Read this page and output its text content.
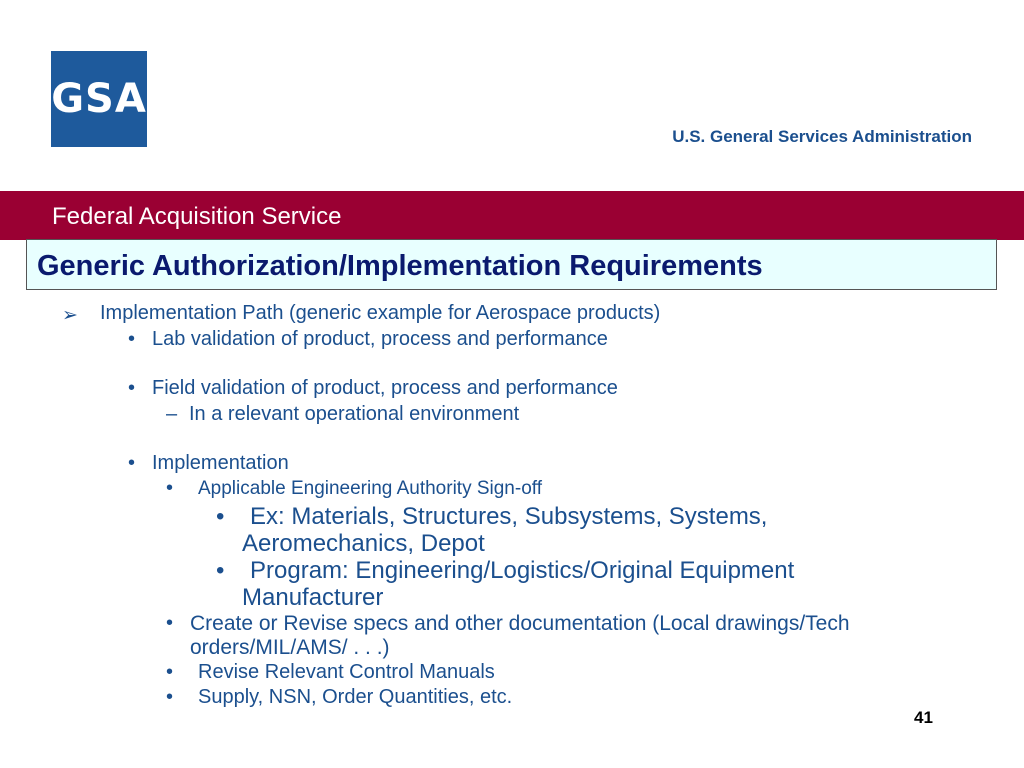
GSA
U.S. General Services Administration
Federal Acquisition Service
Generic Authorization/Implementation Requirements
➢ Implementation Path (generic example for Aerospace products)
• Lab validation of product, process and performance
• Field validation of product, process and performance
– In a relevant operational environment
• Implementation
• Applicable Engineering Authority Sign-off
•	Ex: Materials, Structures, Subsystems, Systems, Aeromechanics, Depot
•	Program: Engineering/Logistics/Original Equipment Manufacturer
• Create or Revise specs and other documentation (Local drawings/Tech orders/MIL/AMS/ . . .)
• Revise Relevant Control Manuals
• Supply, NSN, Order Quantities, etc.
41
